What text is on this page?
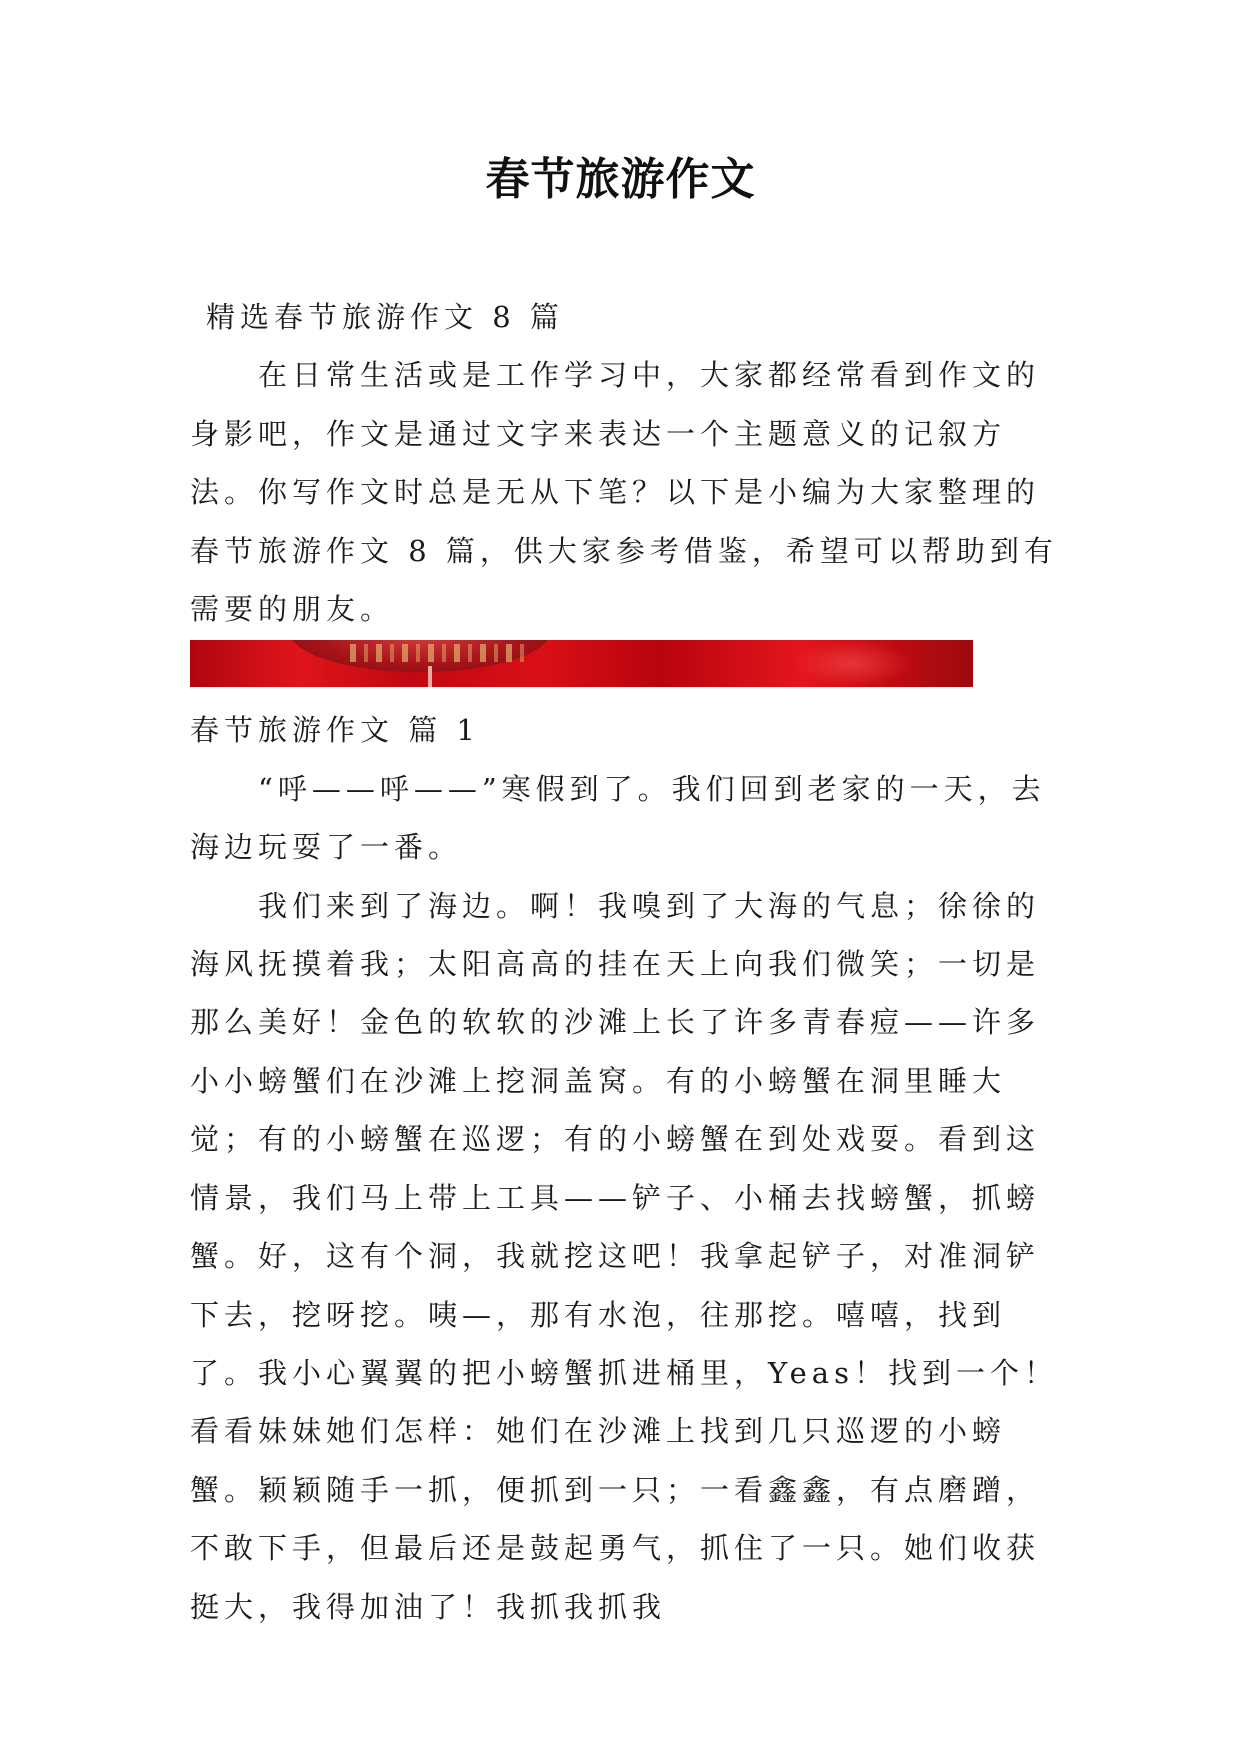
春节旅游作文

精选春节旅游作文 8 篇

在日常生活或是工作学习中，大家都经常看到作文的身影吧，作文是通过文字来表达一个主题意义的记叙方法。你写作文时总是无从下笔？以下是小编为大家整理的春节旅游作文 8 篇，供大家参考借鉴，希望可以帮助到有需要的朋友。

春节旅游作文 篇 1

“呼——呼——”寒假到了。我们回到老家的一天，去海边玩耍了一番。

我们来到了海边。啊！我嗅到了大海的气息；徐徐的海风抚摸着我；太阳高高的挂在天上向我们微笑；一切是那么美好！金色的软软的沙滩上长了许多青春痘——许多小小螃蟹们在沙滩上挖洞盖窝。有的小螃蟹在洞里睡大觉；有的小螃蟹在巡逻；有的小螃蟹在到处戏耍。看到这情景，我们马上带上工具——铲子、小桶去找螃蟹，抓螃蟹。好，这有个洞，我就挖这吧！我拿起铲子，对准洞铲下去，挖呀挖。咦—，那有水泡，往那挖。嘻嘻，找到了。我小心翼翼的把小螃蟹抓进桶里，Yeas！找到一个！看看妹妹她们怎样：她们在沙滩上找到几只巡逻的小螃蟹。颖颖随手一抓，便抓到一只；一看鑫鑫，有点磨蹭，不敢下手，但最后还是鼓起勇气，抓住了一只。她们收获挺大，我得加油了！我抓我抓我
